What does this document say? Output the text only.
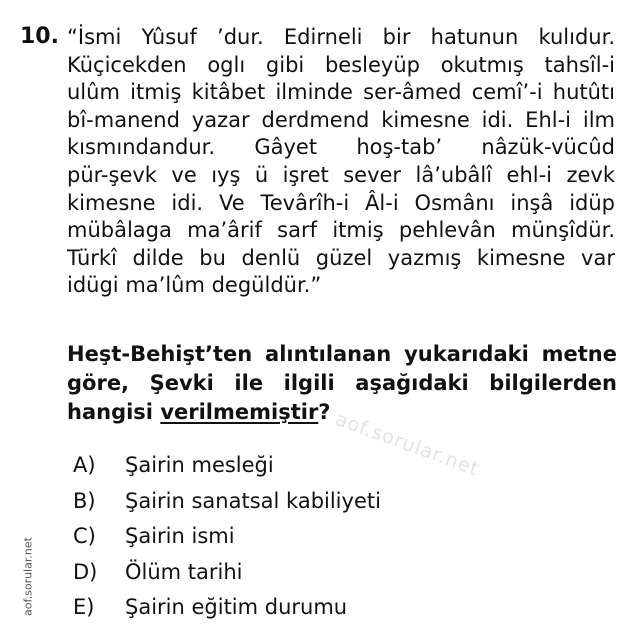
10. “İsmi Yûsuf ’dur. Edirneli bir hatunun kulıdur.
Küçicekden oglı gibi besleyüp okutmış tahsîl-i
ulûm itmiş kitâbet ilminde ser-âmed cemî’-i hutûtı
bî-manend yazar derdmend kimesne idi. Ehl-i ilm
kısmındandur. Gâyet hoş-tab’ nâzük-vücûd
pür-şevk ve ıyş ü işret sever lâ’ubâlî ehl-i zevk
kimesne idi. Ve Tevârîh-i Âl-i Osmânı inşâ idüp
mübâlaga ma’ârif sarf itmiş pehlevân münşîdür.
Türkî dilde bu denlü güzel yazmış kimesne var
idügi ma’lûm degüldür.”
Heşt-Behişt’ten alıntılanan yukarıdaki metne
göre, Şevki ile ilgili aşağıdaki bilgilerden
hangisi verilmemiştir?
A)	Şairin mesleği
B)	Şairin sanatsal kabiliyeti
C)	Şairin ismi
D)	Ölüm tarihi
E)	Şairin eğitim durumu
aof.sorular.net
aof.sorular.net
